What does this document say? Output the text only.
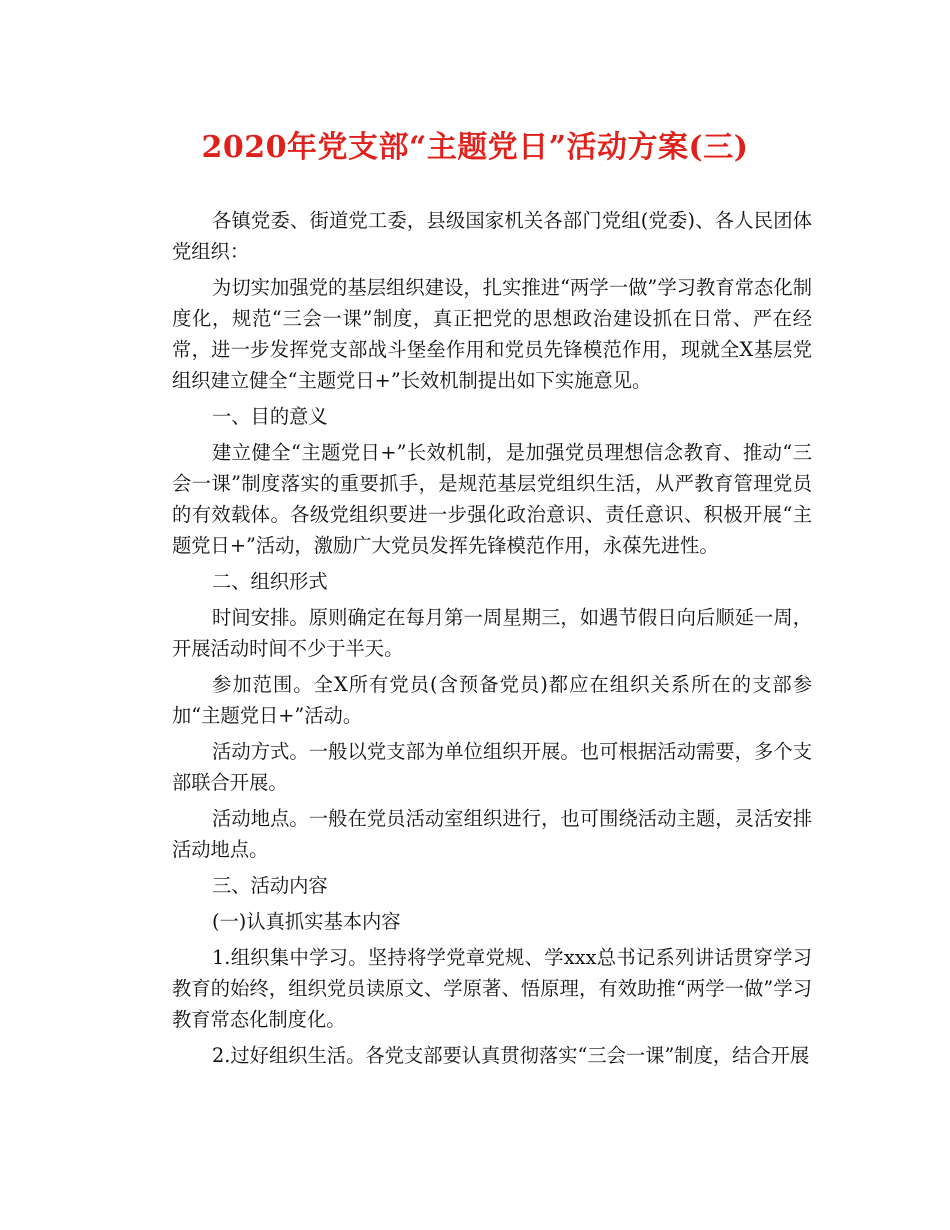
2020年党支部“主题党日”活动方案(三)

各镇党委、街道党工委，县级国家机关各部门党组(党委)、各人民团体党组织：

为切实加强党的基层组织建设，扎实推进“两学一做”学习教育常态化制度化，规范“三会一课”制度，真正把党的思想政治建设抓在日常、严在经常，进一步发挥党支部战斗堡垒作用和党员先锋模范作用，现就全X基层党组织建立健全“主题党日+”长效机制提出如下实施意见。

一、目的意义

建立健全“主题党日+”长效机制，是加强党员理想信念教育、推动“三会一课”制度落实的重要抓手，是规范基层党组织生活，从严教育管理党员的有效载体。各级党组织要进一步强化政治意识、责任意识、积极开展“主题党日+”活动，激励广大党员发挥先锋模范作用，永葆先进性。

二、组织形式

时间安排。原则确定在每月第一周星期三，如遇节假日向后顺延一周，开展活动时间不少于半天。

参加范围。全X所有党员(含预备党员)都应在组织关系所在的支部参加“主题党日+”活动。

活动方式。一般以党支部为单位组织开展。也可根据活动需要，多个支部联合开展。

活动地点。一般在党员活动室组织进行，也可围绕活动主题，灵活安排活动地点。

三、活动内容

(一)认真抓实基本内容

1.组织集中学习。坚持将学党章党规、学xxx总书记系列讲话贯穿学习教育的始终，组织党员读原文、学原著、悟原理，有效助推“两学一做”学习教育常态化制度化。

2.过好组织生活。各党支部要认真贯彻落实“三会一课”制度，结合开展
